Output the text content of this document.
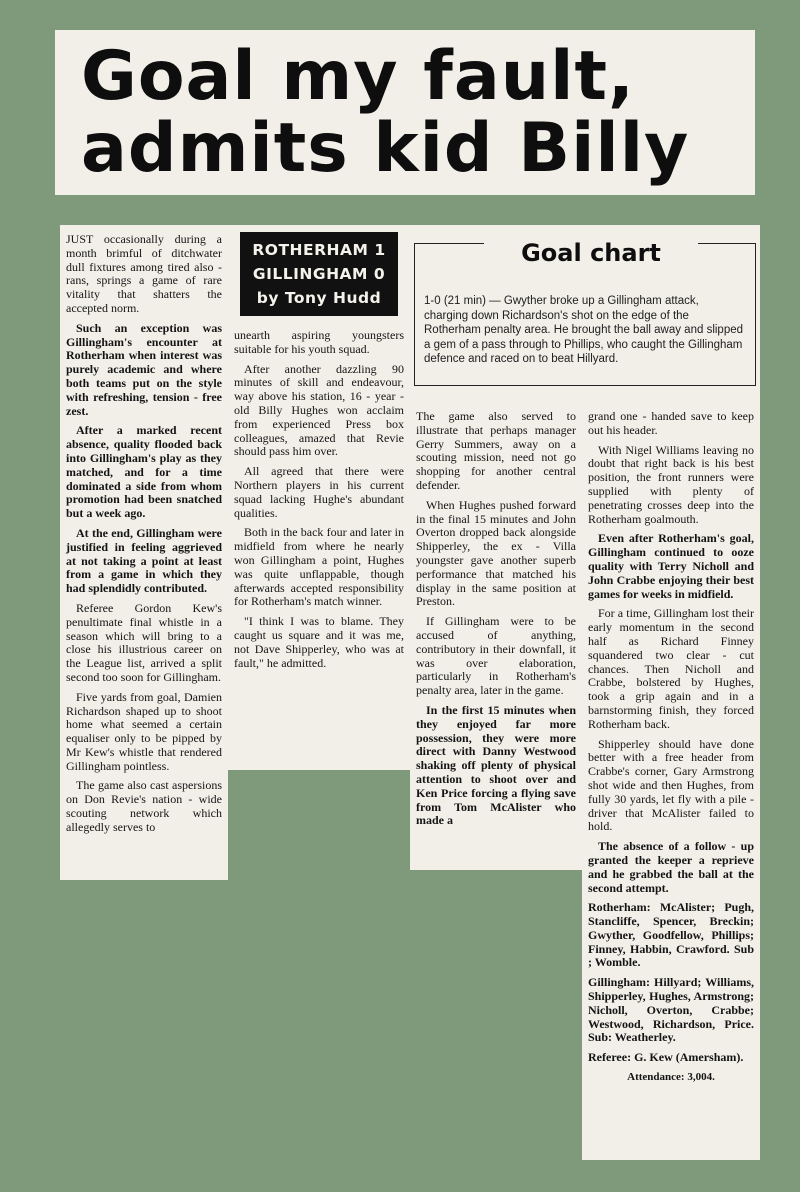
Goal my fault,
admits kid Billy

JUST occasionally during a month brimful of ditchwater dull fixtures among tired also - rans, springs a game of rare vitality that shatters the accepted norm.

Such an exception was Gillingham's encounter at Rotherham when interest was purely academic and where both teams put on the style with refreshing, tension - free zest.

After a marked recent absence, quality flooded back into Gillingham's play as they matched, and for a time dominated a side from whom promotion had been snatched but a week ago.

At the end, Gillingham were justified in feeling aggrieved at not taking a point at least from a game in which they had splendidly contributed.

Referee Gordon Kew's penultimate final whistle in a season which will bring to a close his illustrious career on the League list, arrived a split second too soon for Gillingham.

Five yards from goal, Damien Richardson shaped up to shoot home what seemed a certain equaliser only to be pipped by Mr Kew's whistle that rendered Gillingham pointless.

The game also cast aspersions on Don Revie's nation - wide scouting network which allegedly serves to

unearth aspiring youngsters suitable for his youth squad.

After another dazzling 90 minutes of skill and endeavour, way above his station, 16 - year - old Billy Hughes won acclaim from experienced Press box colleagues, amazed that Revie should pass him over.

All agreed that there were Northern players in his current squad lacking Hughe's abundant qualities.

Both in the back four and later in midfield from where he nearly won Gillingham a point, Hughes was quite unflappable, though afterwards accepted responsibility for Rotherham's match winner.

"I think I was to blame. They caught us square and it was me, not Dave Shipperley, who was at fault," he admitted.

ROTHERHAM 1
GILLINGHAM 0
by Tony Hudd

The game also served to illustrate that perhaps manager Gerry Summers, away on a scouting mission, need not go shopping for another central defender.

When Hughes pushed forward in the final 15 minutes and John Overton dropped back alongside Shipperley, the ex - Villa youngster gave another superb performance that matched his display in the same position at Preston.

If Gillingham were to be accused of anything, contributory in their downfall, it was over elaboration, particularly in Rotherham's penalty area, later in the game.

In the first 15 minutes when they enjoyed far more possession, they were more direct with Danny Westwood shaking off plenty of physical attention to shoot over and Ken Price forcing a flying save from Tom McAlister who made a

grand one - handed save to keep out his header.

With Nigel Williams leaving no doubt that right back is his best position, the front runners were supplied with plenty of penetrating crosses deep into the Rotherham goalmouth.

Even after Rotherham's goal, Gillingham continued to ooze quality with Terry Nicholl and John Crabbe enjoying their best games for weeks in midfield.

For a time, Gillingham lost their early momentum in the second half as Richard Finney squandered two clear - cut chances. Then Nicholl and Crabbe, bolstered by Hughes, took a grip again and in a barnstorming finish, they forced Rotherham back.

Shipperley should have done better with a free header from Crabbe's corner, Gary Armstrong shot wide and then Hughes, from fully 30 yards, let fly with a pile - driver that McAlister failed to hold.

The absence of a follow - up granted the keeper a reprieve and he grabbed the ball at the second attempt.

Rotherham: McAlister; Pugh, Stancliffe, Spencer, Breckin; Gwyther, Goodfellow, Phillips; Finney, Habbin, Crawford. Sub ; Womble.

Gillingham: Hillyard; Williams, Shipperley, Hughes, Armstrong; Nicholl, Overton, Crabbe; Westwood, Richardson, Price. Sub: Weatherley.

Referee: G. Kew (Amersham).

Attendance: 3,004.

Goal chart
1-0 (21 min) — Gwyther broke up a Gillingham attack, charging down Richardson's shot on the edge of the Rotherham penalty area. He brought the ball away and slipped a gem of a pass through to Phillips, who caught the Gillingham defence and raced on to beat Hillyard.
